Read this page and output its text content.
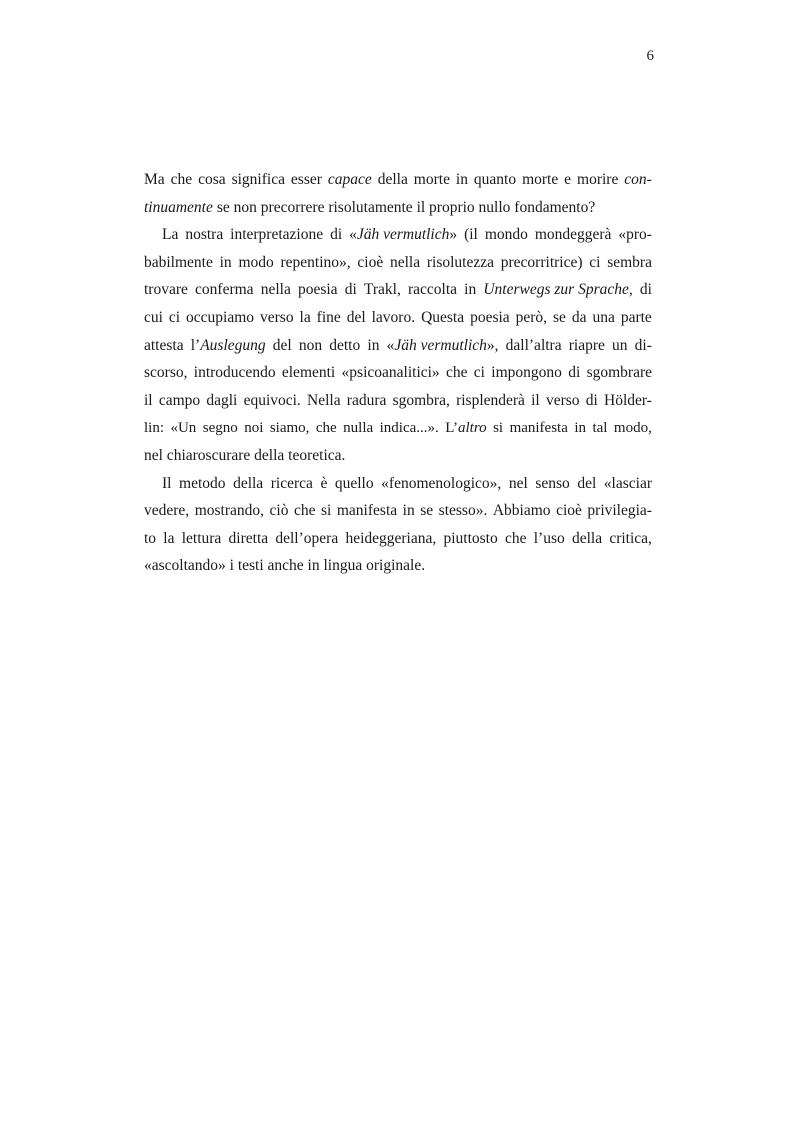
6
Ma che cosa significa esser capace della morte in quanto morte e morire con-
tinuamente se non precorrere risolutamente il proprio nullo fondamento?
La nostra interpretazione di «Jäh vermutlich» (il mondo mondeggerà «pro-
babilmente in modo repentino», cioè nella risolutezza precorritrice) ci sembra
trovare conferma nella poesia di Trakl, raccolta in Unterwegs zur Sprache, di
cui ci occupiamo verso la fine del lavoro. Questa poesia però, se da una parte
attesta l’Auslegung del non detto in «Jäh vermutlich», dall’altra riapre un di-
scorso, introducendo elementi «psicoanalitici» che ci impongono di sgombrare
il campo dagli equivoci. Nella radura sgombra, risplenderà il verso di Hölder-
lin: «Un segno noi siamo, che nulla indica...». L’altro si manifesta in tal modo,
nel chiaroscurare della teoretica.
Il metodo della ricerca è quello «fenomenologico», nel senso del «lasciar
vedere, mostrando, ciò che si manifesta in se stesso». Abbiamo cioè privilegia-
to la lettura diretta dell’opera heideggeriana, piuttosto che l’uso della critica,
«ascoltando» i testi anche in lingua originale.
